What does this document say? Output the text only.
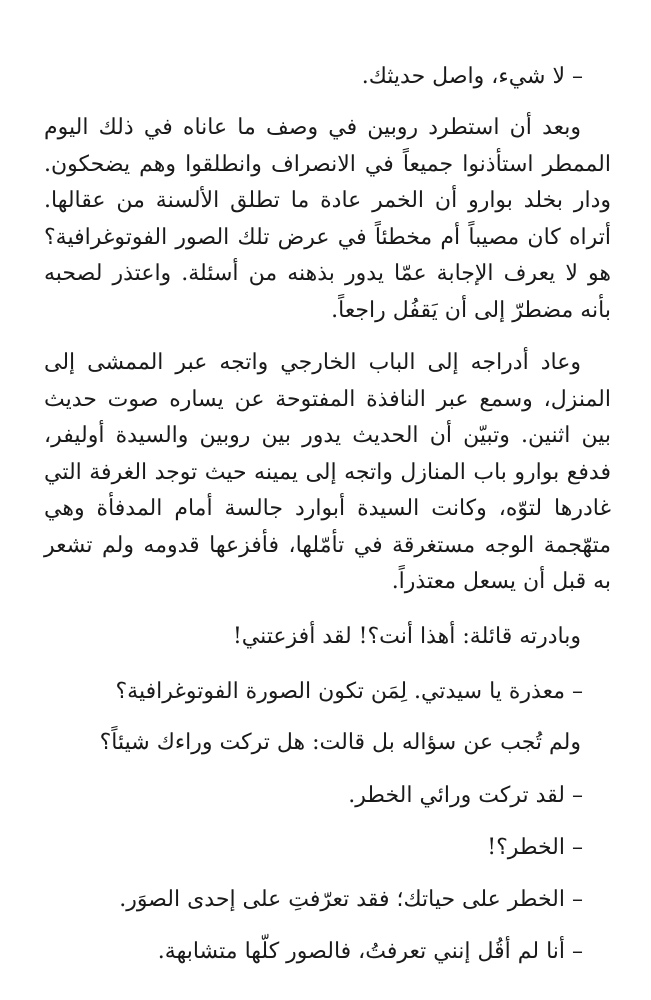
– لا شيء، واصل حديثك.

وبعد أن استطرد روبين في وصف ما عاناه في ذلك اليوم الممطر استأذنوا جميعاً في الانصراف وانطلقوا وهم يضحكون. ودار بخلد بوارو أن الخمر عادة ما تطلق الألسنة من عقالها. أتراه كان مصيباً أم مخطئاً في عرض تلك الصور الفوتوغرافية؟ هو لا يعرف الإجابة عمّا يدور بذهنه من أسئلة. واعتذر لصحبه بأنه مضطرّ إلى أن يَقفُل راجعاً.

وعاد أدراجه إلى الباب الخارجي واتجه عبر الممشى إلى المنزل، وسمع عبر النافذة المفتوحة عن يساره صوت حديث بين اثنين. وتبيّن أن الحديث يدور بين روبين والسيدة أوليفر، فدفع بوارو باب المنازل واتجه إلى يمينه حيث توجد الغرفة التي غادرها لتوّه، وكانت السيدة أبوارد جالسة أمام المدفأة وهي متهّجمة الوجه مستغرقة في تأمّلها، فأفزعها قدومه ولم تشعر به قبل أن يسعل معتذراً.

وبادرته قائلة: أهذا أنت؟! لقد أفزعتني!

– معذرة يا سيدتي. لِمَن تكون الصورة الفوتوغرافية؟

ولم تُجب عن سؤاله بل قالت: هل تركت وراءك شيئاً؟

– لقد تركت ورائي الخطر.

– الخطر؟!

– الخطر على حياتك؛ فقد تعرّفتِ على إحدى الصوَر.

– أنا لم أقُل إنني تعرفتُ، فالصور كلّها متشابهة.
